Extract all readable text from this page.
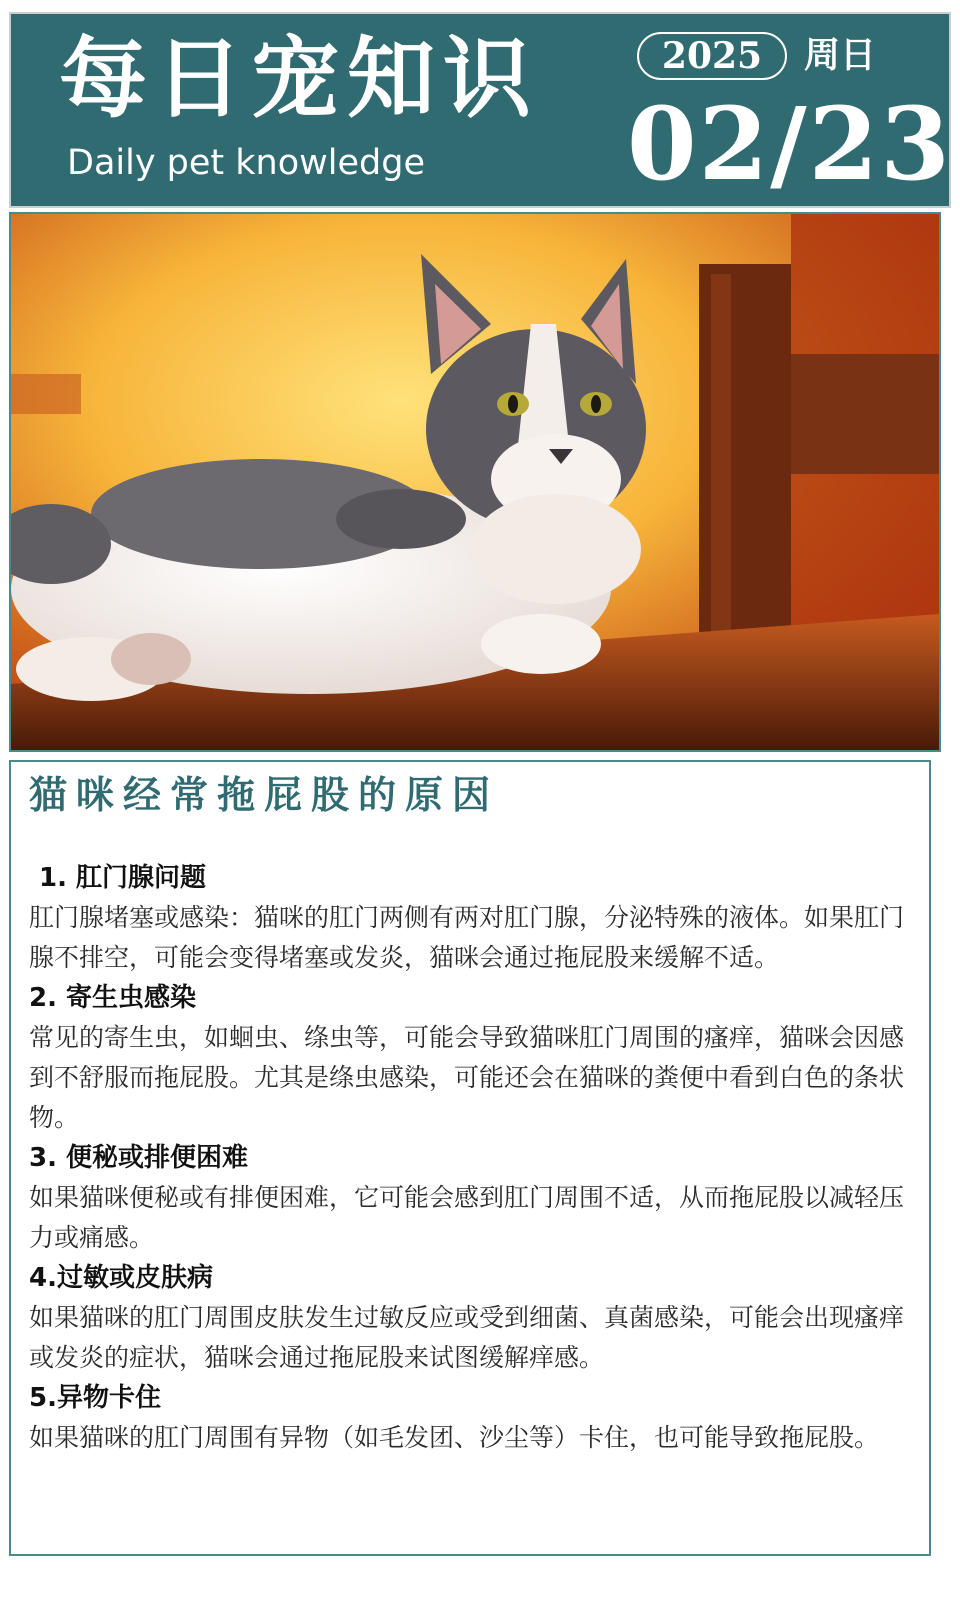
每日宠知识
Daily pet knowledge
2025 周日
02/23
猫咪经常拖屁股的原因
1. 肛门腺问题
肛门腺堵塞或感染：猫咪的肛门两侧有两对肛门腺，分泌特殊的液体。如果肛门腺不排空，可能会变得堵塞或发炎，猫咪会通过拖屁股来缓解不适。
2. 寄生虫感染
常见的寄生虫，如蛔虫、绦虫等，可能会导致猫咪肛门周围的瘙痒，猫咪会因感到不舒服而拖屁股。尤其是绦虫感染，可能还会在猫咪的粪便中看到白色的条状物。
3. 便秘或排便困难
如果猫咪便秘或有排便困难，它可能会感到肛门周围不适，从而拖屁股以减轻压力或痛感。
4.过敏或皮肤病
如果猫咪的肛门周围皮肤发生过敏反应或受到细菌、真菌感染，可能会出现瘙痒或发炎的症状，猫咪会通过拖屁股来试图缓解痒感。
5.异物卡住
如果猫咪的肛门周围有异物（如毛发团、沙尘等）卡住，也可能导致拖屁股。
